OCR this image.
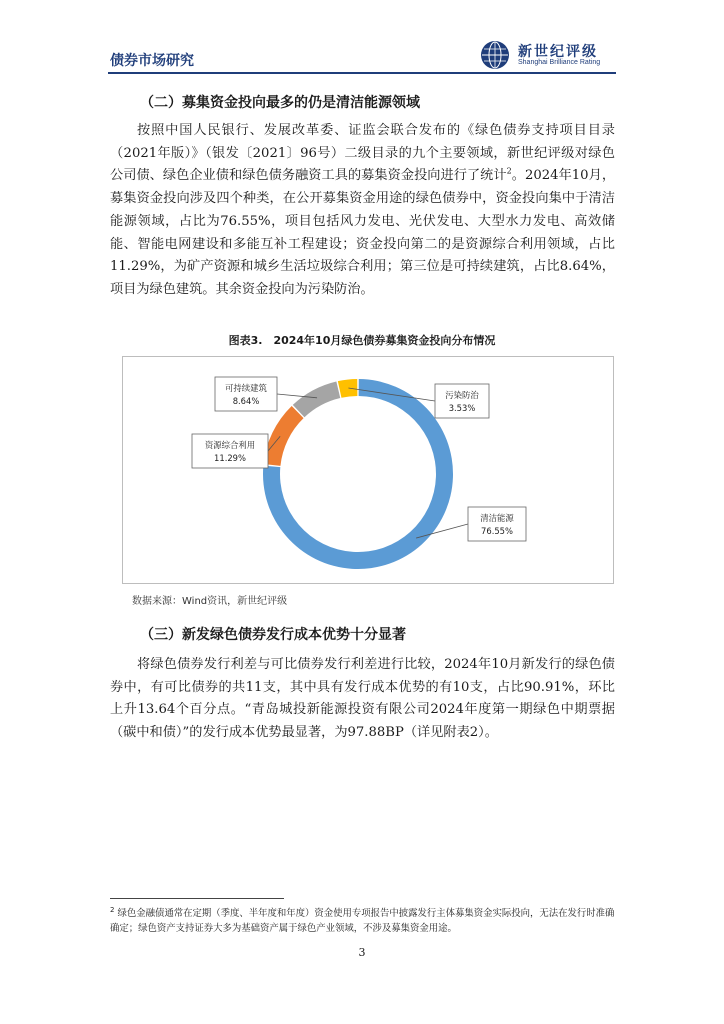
债券市场研究
新世纪评级
Shanghai Brilliance Rating
（二）募集资金投向最多的仍是清洁能源领域

按照中国人民银行、发展改革委、证监会联合发布的《绿色债券支持项目目录（2021年版）》（银发〔2021〕96号）二级目录的九个主要领域，新世纪评级对绿色公司债、绿色企业债和绿色债务融资工具的募集资金投向进行了统计$^2$。2024年10月，募集资金投向涉及四个种类，在公开募集资金用途的绿色债券中，资金投向集中于清洁能源领域，占比为76.55%，项目包括风力发电、光伏发电、大型水力发电、高效储能、智能电网建设和多能互补工程建设；资金投向第二的是资源综合利用领域，占比11.29%，为矿产资源和城乡生活垃圾综合利用；第三位是可持续建筑，占比8.64%，项目为绿色建筑。其余资金投向为污染防治。

图表3.　2024年10月绿色债券募集资金投向分布情况
清洁能源
76.55%
资源综合利用
11.29%
可持续建筑
8.64%
污染防治
3.53%
数据来源：Wind资讯，新世纪评级
（三）新发绿色债券发行成本优势十分显著

将绿色债券发行利差与可比债券发行利差进行比较，2024年10月新发行的绿色债券中，有可比债券的共11支，其中具有发行成本优势的有10支，占比90.91%，环比上升13.64个百分点。“青岛城投新能源投资有限公司2024年度第一期绿色中期票据（碳中和债）”的发行成本优势最显著，为97.88BP（详见附表2）。

$^2$ 绿色金融债通常在定期（季度、半年度和年度）资金使用专项报告中披露发行主体募集资金实际投向，无法在发行时准确确定；绿色资产支持证券大多为基础资产属于绿色产业领域，不涉及募集资金用途。
3
